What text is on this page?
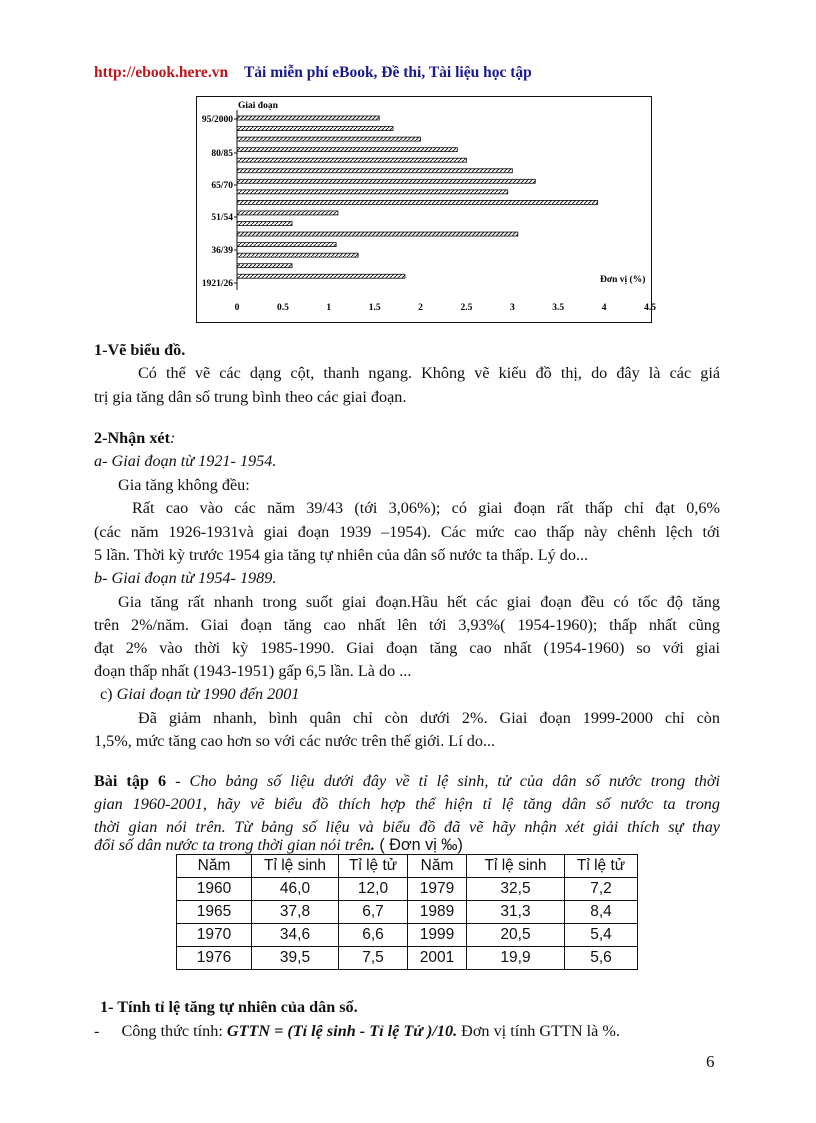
http://ebook.here.vn Tải miễn phí eBook, Đề thi, Tài liệu học tập
Giai đoạn
95/2000
80/85
65/70
51/54
36/39
1921/26
0	0.5	1	1.5	2	2.5	3	3.5	4	4.5
Đơn vị (%)
1-Vẽ biểu đồ.
Có thể vẽ các dạng cột, thanh ngang. Không vẽ kiểu đồ thị, do đây là các giá
trị gia tăng dân số trung bình theo các giai đoạn.
2-Nhận xét:
a- Giai đoạn từ 1921- 1954.
Gia tăng không đều:
Rất cao vào các năm 39/43 (tới 3,06%); có giai đoạn rất thấp chỉ đạt 0,6%
(các năm 1926-1931và giai đoạn 1939 –1954). Các mức cao thấp này chênh lệch tới
5 lần. Thời kỳ trước 1954 gia tăng tự nhiên của dân số nước ta thấp. Lý do...
b- Giai đoạn từ 1954- 1989.
Gia tăng rất nhanh trong suốt giai đoạn.Hầu hết các giai đoạn đều có tốc độ tăng
trên 2%/năm. Giai đoạn tăng cao nhất lên tới 3,93%( 1954-1960); thấp nhất cũng
đạt 2% vào thời kỳ 1985-1990. Giai đoạn tăng cao nhất (1954-1960) so với giai
đoạn thấp nhất (1943-1951) gấp 6,5 lần. Là do ...
c) Giai đoạn từ 1990 đến 2001
Đã giảm nhanh, bình quân chỉ còn dưới 2%. Giai đoạn 1999-2000 chỉ còn
1,5%, mức tăng cao hơn so với các nước trên thế giới. Lí do...
Bài tập 6 - Cho bảng số liệu dưới đây về tỉ lệ sinh, tử của dân số nước trong thời
gian 1960-2001, hãy vẽ biểu đồ thích hợp thể hiện tỉ lệ tăng dân số nước ta trong
thời gian nói trên. Từ bảng số liệu và biểu đồ đã vẽ hãy nhận xét giải thích sự thay
đổi số dân nước ta trong thời gian nói trên. ( Đơn vị ‰)
Năm	Tỉ lệ sinh	Tỉ lệ tử	Năm	Tỉ lệ sinh	Tỉ lệ tử
1960	46,0	12,0	1979	32,5	7,2
1965	37,8	6,7	1989	31,3	8,4
1970	34,6	6,6	1999	20,5	5,4
1976	39,5	7,5	2001	19,9	5,6
1- Tính tỉ lệ tăng tự nhiên của dân số.
- Công thức tính: GTTN = (Tỉ lệ sinh - Tỉ lệ Tử )/10. Đơn vị tính GTTN là %.
6
